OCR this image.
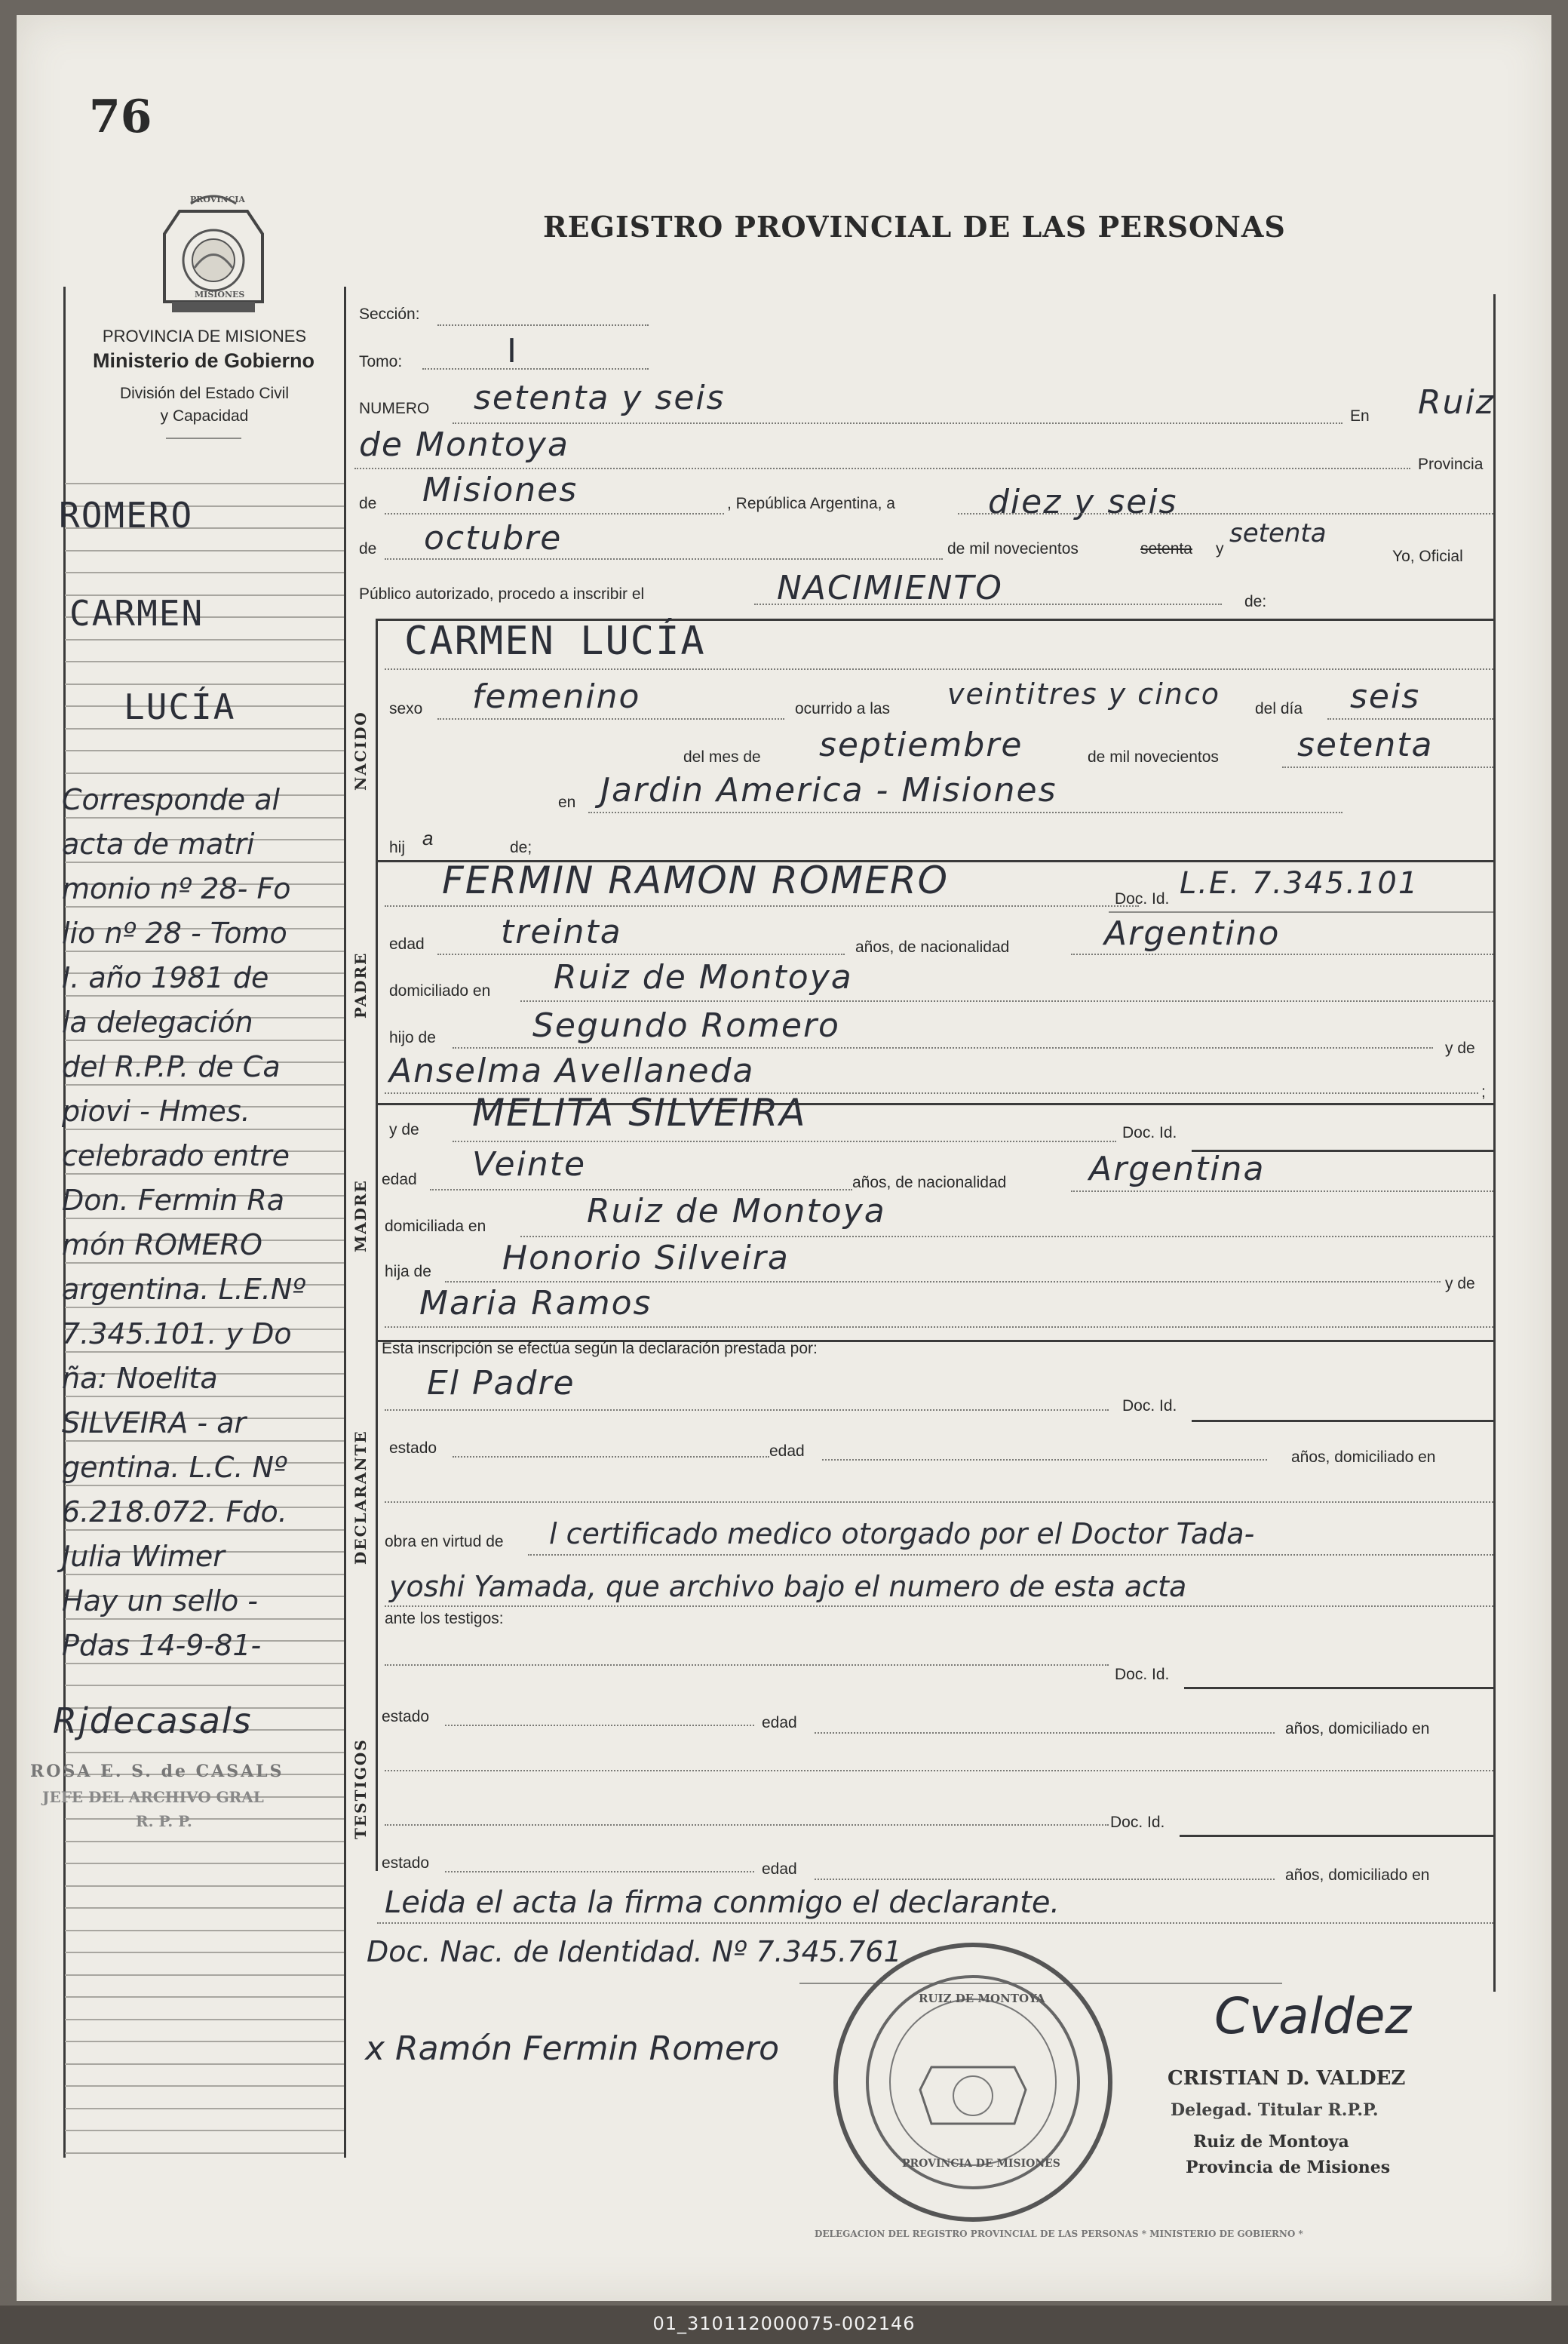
76
PROVINCIA
MISIONES
REGISTRO PROVINCIAL DE LAS PERSONAS
PROVINCIA DE MISIONES
Ministerio de Gobierno
División del Estado Civil
y Capacidad
ROMERO
CARMEN
LUCÍA
Corresponde al
acta de matri
monio nº 28- Fo
lio nº 28 - Tomo
I. año 1981 de
la delegación
del R.P.P. de Ca
piovi - Hmes.
celebrado entre
Don. Fermin Ra
món ROMERO
argentina. L.E.Nº
7.345.101. y Do
ña: Noelita
SILVEIRA - ar
gentina. L.C. Nº
6.218.072. Fdo.
Julia Wimer
Hay un sello -
Pdas 14-9-81-
Rjdecasals
ROSA E. S. de CASALS
JEFE DEL ARCHIVO GRAL
R. P. P.
Sección:
Tomo:	I
NUMERO setenta y seis	En Ruiz
de Montoya
Provincia
de Misiones	, República Argentina, a	diez y seis
de octubre	de mil novecientos	setenta y
setenta
Yo, Oficial
Público autorizado, procedo a inscribir el	NACIMIENTO	de:
CARMEN LUCÍA
NACIDO
sexo femenino	ocurrido a las veintitres y cinco del día seis
del mes de septiembre	de mil novecientos setenta
en Jardin America - Misiones
hij a	de;
FERMIN RAMON ROMERO	Doc. Id. L.E. 7.345.101
PADRE
edad treinta	años, de nacionalidad	Argentino
domiciliado en Ruiz de Montoya
hijo de	Segundo Romero
y de
Anselma Avellaneda
;
y de MELITA SILVEIRA	Doc. Id.
MADRE edad Veinte	años, de nacionalidad Argentina
domiciliada en	Ruiz de Montoya
hija de Honorio Silveira
y de
Maria Ramos
Esta inscripción se efectúa según la declaración prestada por:
El Padre
Doc. Id.
DECLARANTE estado	edad	años, domiciliado en
obra en virtud de l certificado medico otorgado por el Doctor Tada-
yoshi Yamada, que archivo bajo el numero de esta acta
ante los testigos:
Doc. Id.
TESTIGOS
estado	edad	años, domiciliado en
Doc. Id.
estado	edad	años, domiciliado en
Leida el acta la firma conmigo el declarante.
Doc. Nac. de Identidad. Nº 7.345.761
x Ramón Fermin Romero
DELEGACION DEL REGISTRO PROVINCIAL DE LAS PERSONAS * MINISTERIO DE GOBIERNO *
RUIZ DE MONTOYA
PROVINCIA DE MISIONES
Cvaldez
CRISTIAN D. VALDEZ
Delegad. Titular R.P.P.
Ruiz de Montoya
Provincia de Misiones
01_310112000075-002146
